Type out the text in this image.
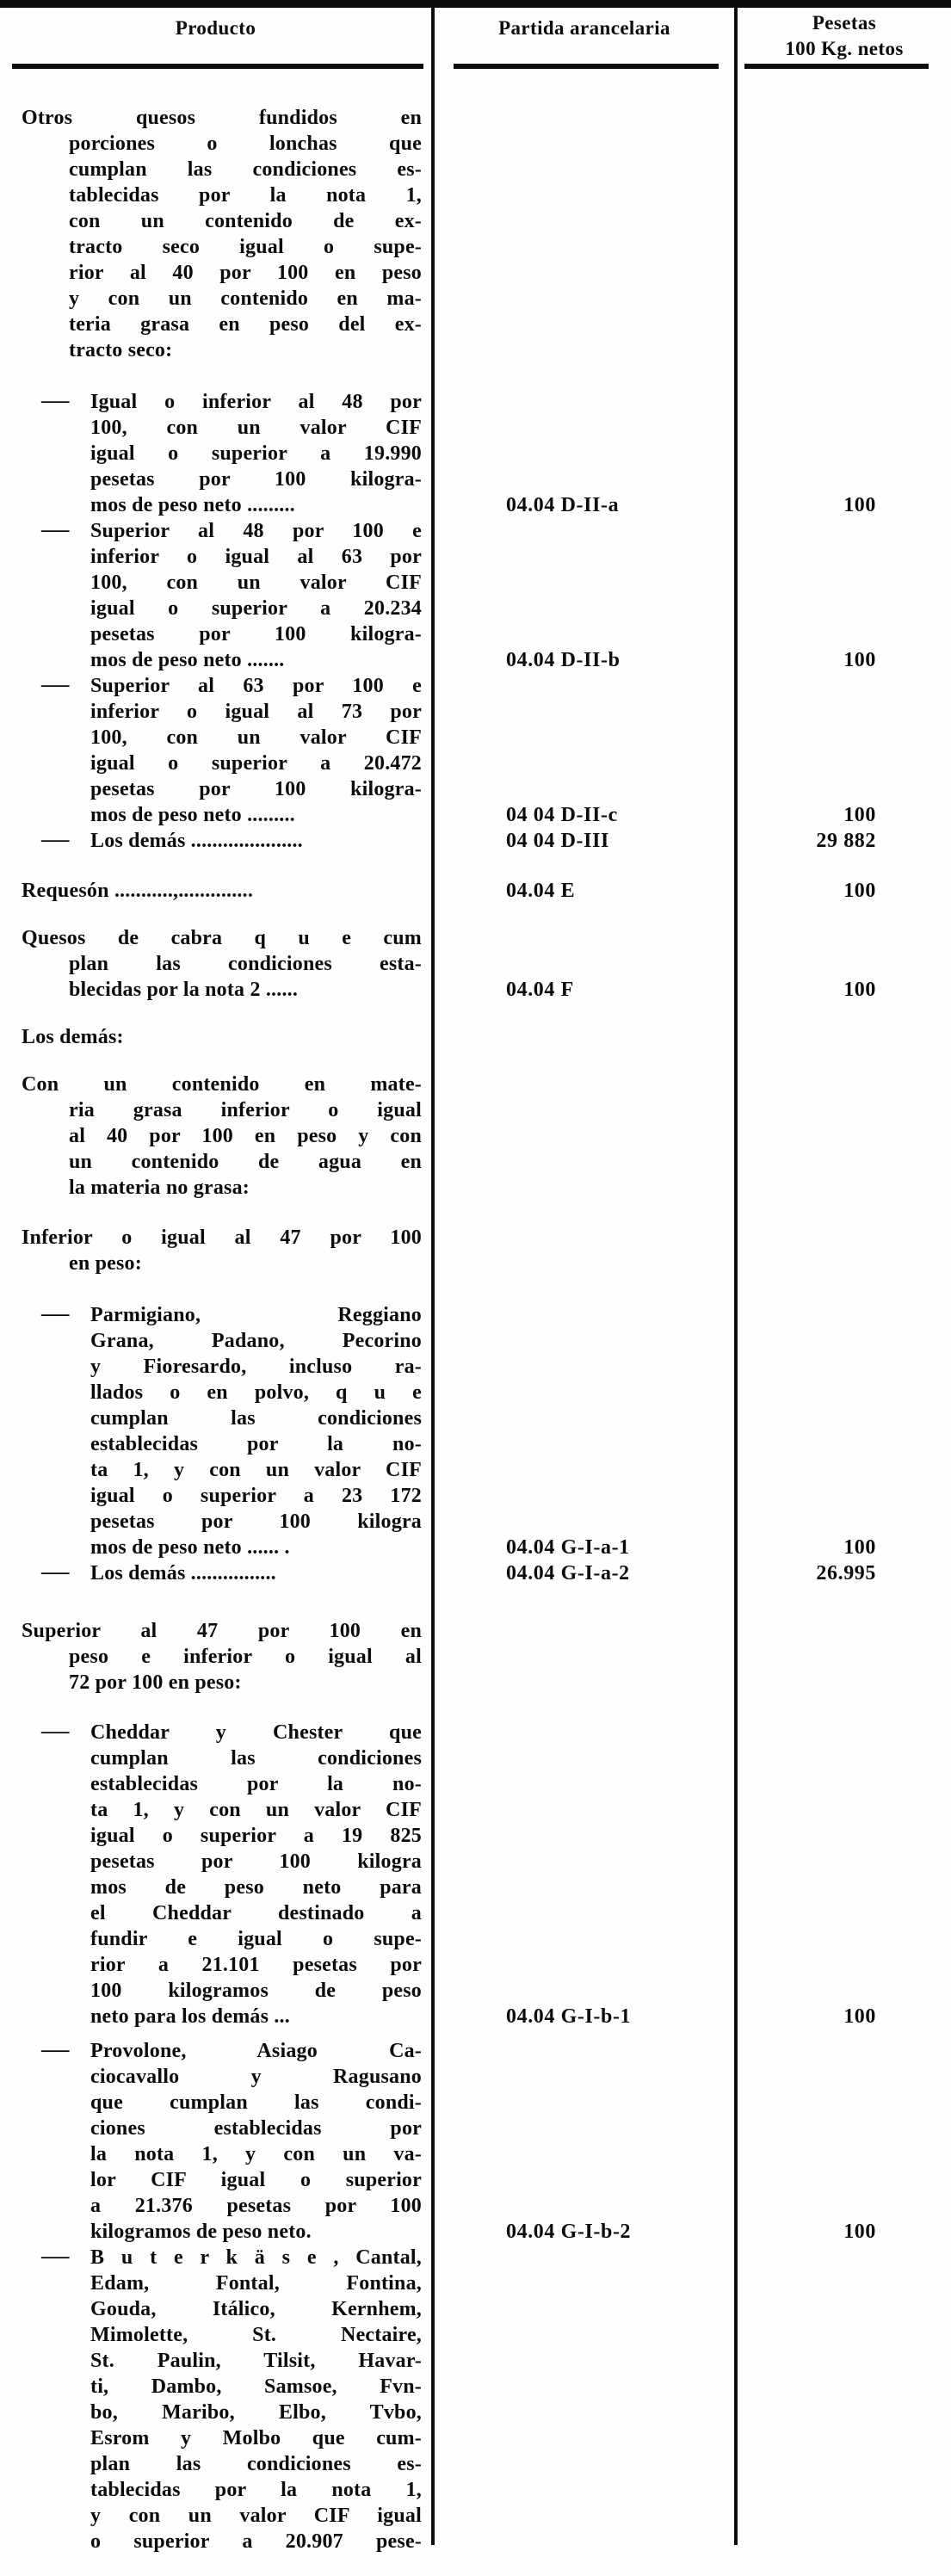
Producto	Partida arancelaria	Pesetas
100 Kg. netos
Otros quesos fundidos en
porciones o lonchas que
cumplan las condiciones es-
tablecidas por la nota 1,
con un contenido de ex-
tracto seco igual o supe-
rior al 40 por 100 en peso
y con un contenido en ma-
teria grasa en peso del ex-
tracto seco:
Igual o inferior al 48 por
—
100, con un valor CIF
igual o superior a 19.990
pesetas por 100 kilogra-
mos de peso neto .........
Superior al 48 por 100 e
—
inferior o igual al 63 por
100, con un valor CIF
igual o superior a 20.234
pesetas por 100 kilogra-
mos de peso neto .......
Superior al 63 por 100 e
—
inferior o igual al 73 por
100, con un valor CIF
igual o superior a 20.472
pesetas por 100 kilogra-
mos de peso neto .........
Los demás .....................
—
Requesón ...........,..............
Quesos de cabra q u e cum
plan las condiciones esta-
blecidas por la nota 2 ......
Los demás:
Con un contenido en mate-
ria grasa inferior o igual
al 40 por 100 en peso y con
un contenido de agua en
la materia no grasa:
Inferior o igual al 47 por 100
en peso:
Parmigiano, Reggiano
—
Grana, Padano, Pecorino
y Fioresardo, incluso ra-
llados o en polvo, q u e
cumplan las condiciones
establecidas por la no-
ta 1, y con un valor CIF
igual o superior a 23 172
pesetas por 100 kilogra
mos de peso neto ...... .
Los demás ................
—
Superior al 47 por 100 en
peso e inferior o igual al
72 por 100 en peso:
Cheddar y Chester que
—
cumplan las condiciones
establecidas por la no-
ta 1, y con un valor CIF
igual o superior a 19 825
pesetas por 100 kilogra
mos de peso neto para
el Cheddar destinado a
fundir e igual o supe-
rior a 21.101 pesetas por
100 kilogramos de peso
neto para los demás ...
Provolone, Asiago Ca-
—
ciocavallo y Ragusano
que cumplan las condi-
ciones establecidas por
la nota 1, y con un va-
lor CIF igual o superior
a 21.376 pesetas por 100
kilogramos de peso neto.
B u t e r k ä s e , Cantal,
—
Edam, Fontal, Fontina,
Gouda, Itálico, Kernhem,
Mimolette, St. Nectaire,
St. Paulin, Tilsit, Havar-
ti, Dambo, Samsoe, Fvn-
bo, Maribo, Elbo, Tvbo,
Esrom y Molbo que cum-
plan las condiciones es-
tablecidas por la nota 1,
y con un valor CIF igual
o superior a 20.907 pese-
04.04 D-II-a
04.04 D-II-b
04 04 D-II-c
04 04 D-III
04.04 E
04.04 F
04.04 G-I-a-1
04.04 G-I-a-2
04.04 G-I-b-1
04.04 G-I-b-2
100
100
100
29 882
100
100
100
26.995
100
100
